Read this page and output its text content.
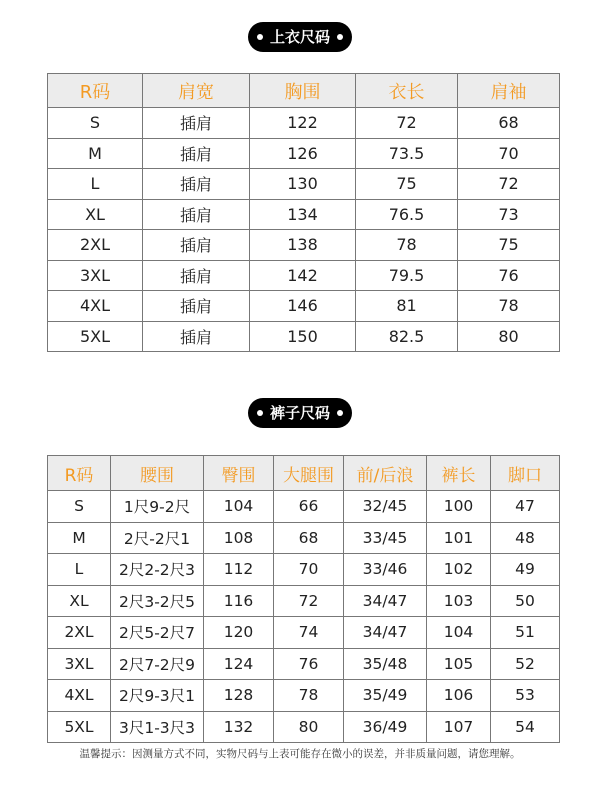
上衣尺码
R码	肩宽	胸围	衣长	肩袖
S	插肩	122	72	68
M	插肩	126	73.5	70
L	插肩	130	75	72
XL	插肩	134	76.5	73
2XL	插肩	138	78	75
3XL	插肩	142	79.5	76
4XL	插肩	146	81	78
5XL	插肩	150	82.5	80
裤子尺码
R码	腰围	臀围	大腿围	前/后浪	裤长	脚口
S	1尺9-2尺	104	66	32/45	100	47
M	2尺-2尺1	108	68	33/45	101	48
L	2尺2-2尺3	112	70	33/46	102	49
XL	2尺3-2尺5	116	72	34/47	103	50
2XL	2尺5-2尺7	120	74	34/47	104	51
3XL	2尺7-2尺9	124	76	35/48	105	52
4XL	2尺9-3尺1	128	78	35/49	106	53
5XL	3尺1-3尺3	132	80	36/49	107	54
温馨提示：因测量方式不同，实物尺码与上表可能存在微小的误差，并非质量问题，请您理解。
